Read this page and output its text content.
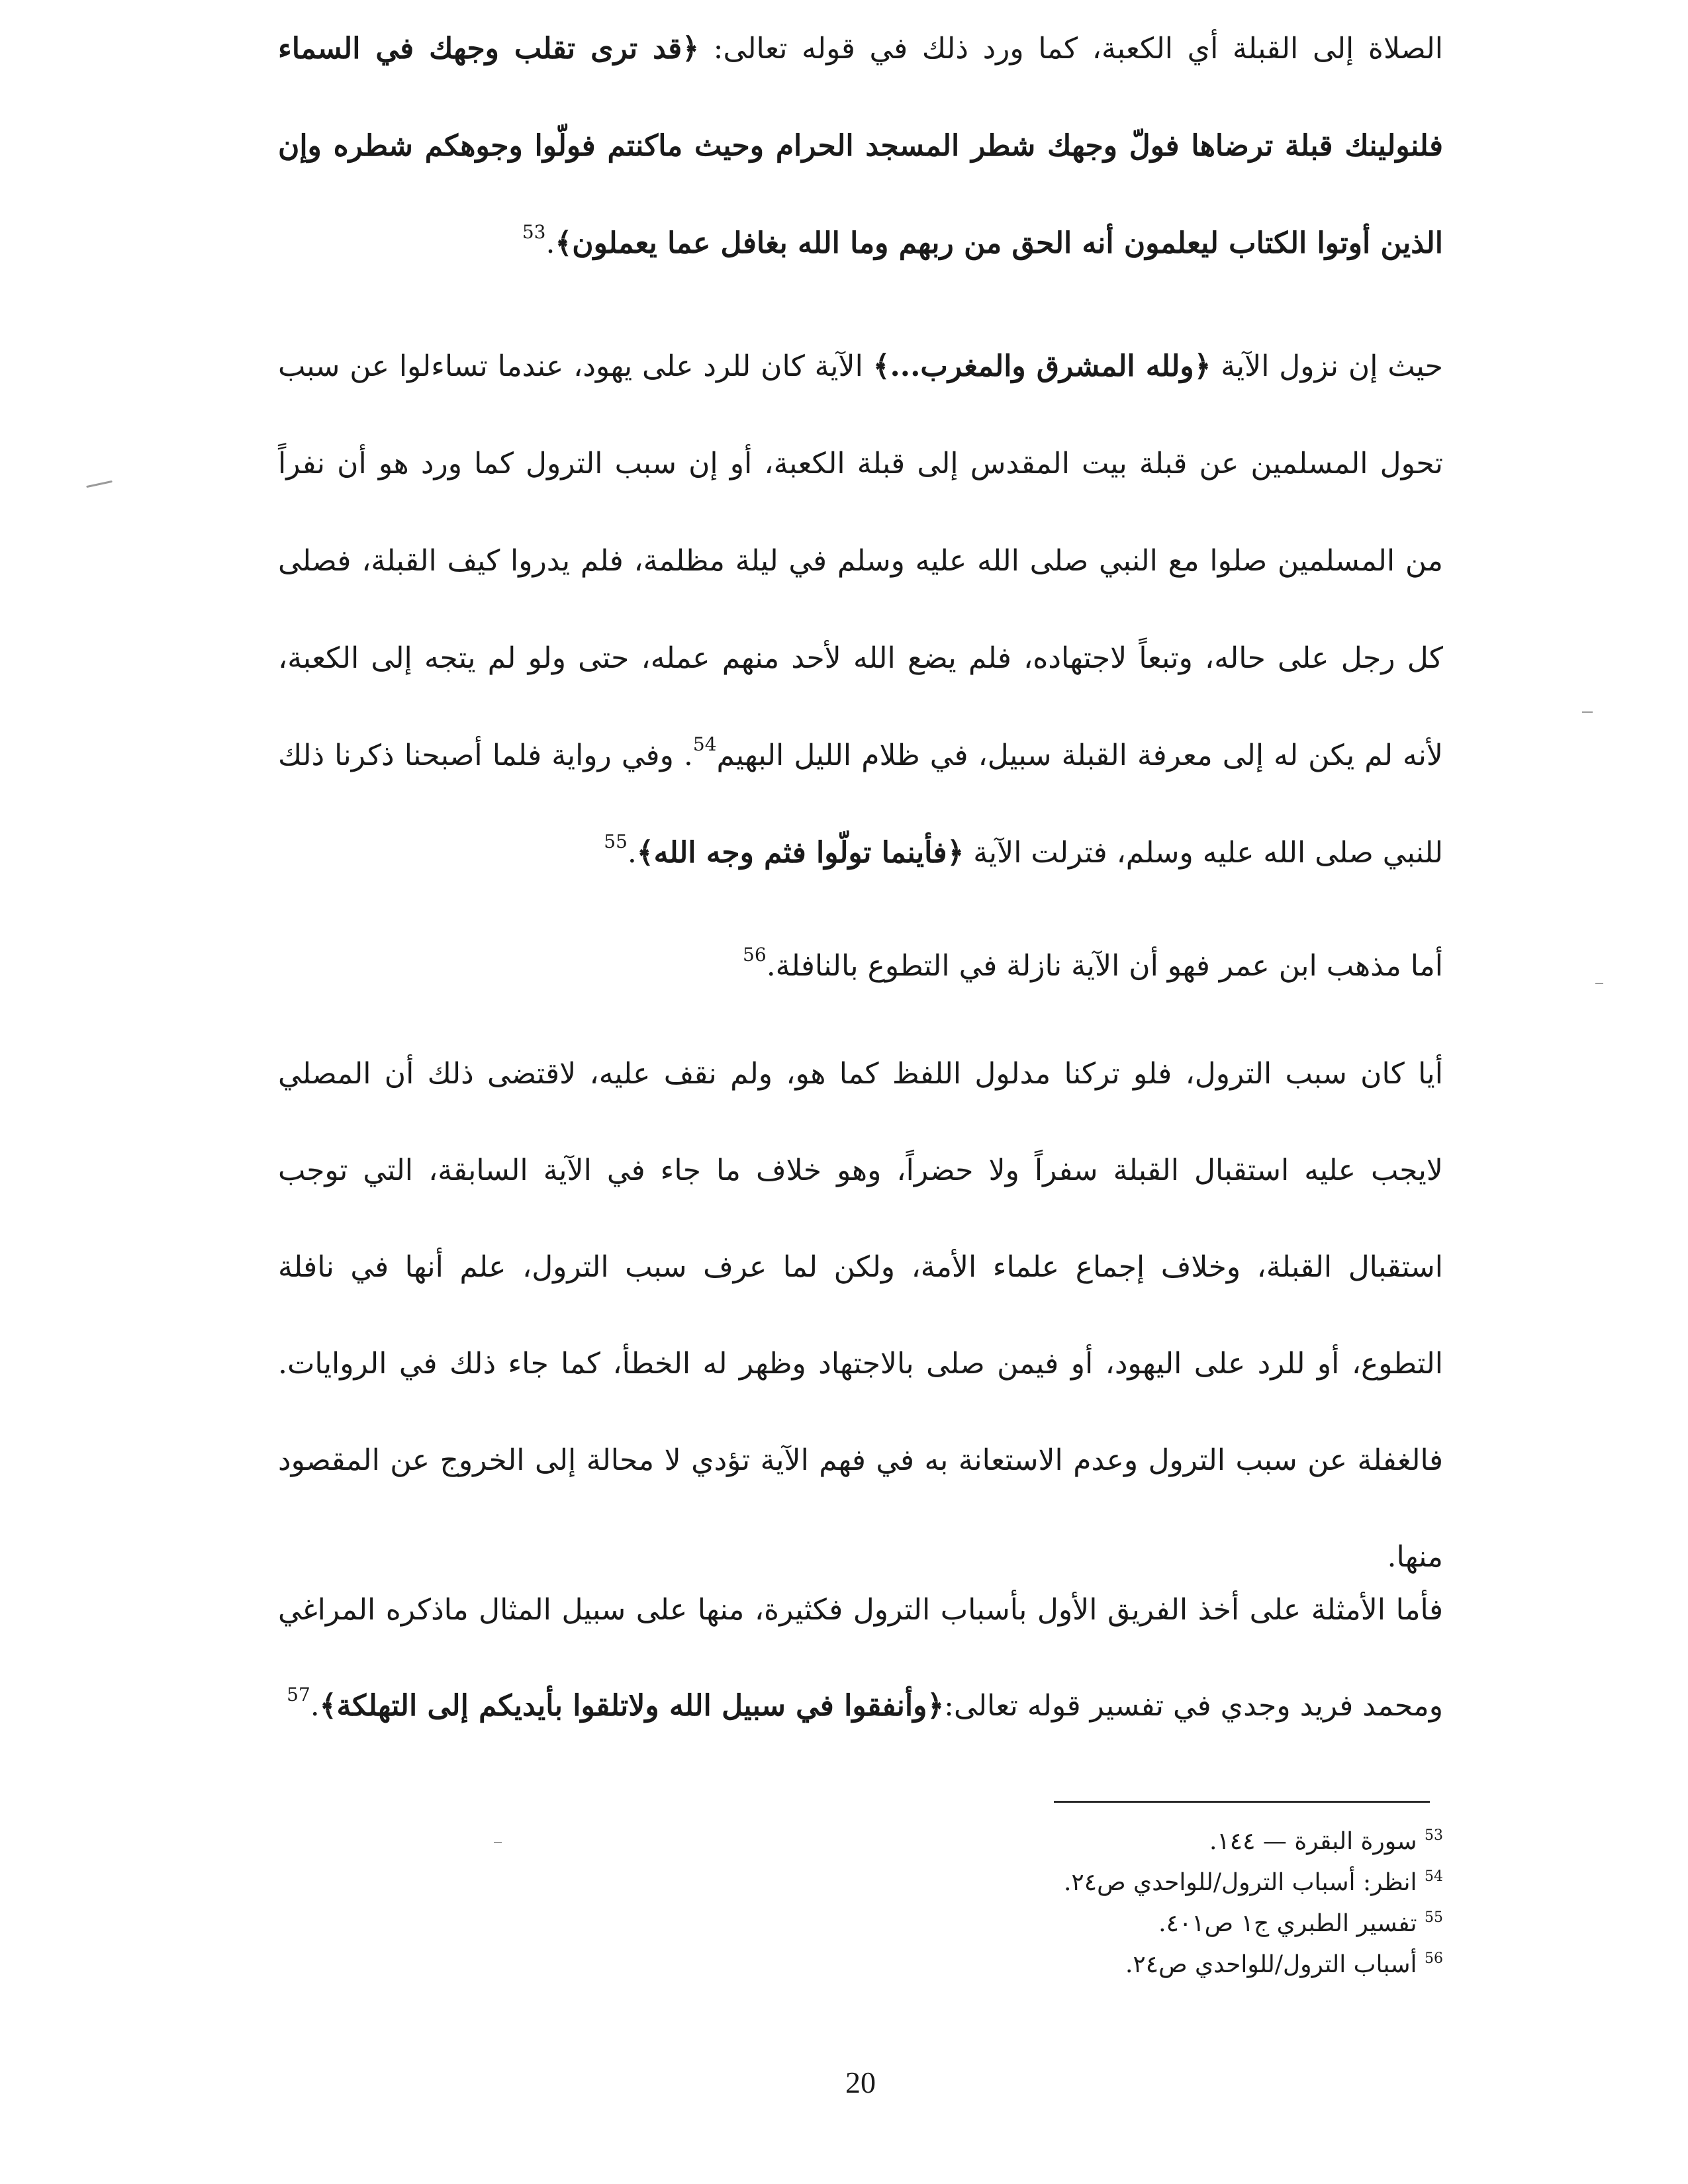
الصلاة إلى القبلة أي الكعبة، كما ورد ذلك في قوله تعالى: ﴿قد ترى تقلب وجهك في السماء فلنولينك قبلة ترضاها فولّ وجهك شطر المسجد الحرام وحيث ماكنتم فولّوا وجوهكم شطره وإن الذين أوتوا الكتاب ليعلمون أنه الحق من ربهم وما الله بغافل عما يعملون﴾.$^{53}$

حيث إن نزول الآية ﴿ولله المشرق والمغرب...﴾ الآية كان للرد على يهود، عندما تساءلوا عن سبب تحول المسلمين عن قبلة بيت المقدس إلى قبلة الكعبة، أو إن سبب الترول كما ورد هو أن نفراً من المسلمين صلوا مع النبي صلى الله عليه وسلم في ليلة مظلمة، فلم يدروا كيف القبلة، فصلى كل رجل على حاله، وتبعاً لاجتهاده، فلم يضع الله لأحد منهم عمله، حتى ولو لم يتجه إلى الكعبة، لأنه لم يكن له إلى معرفة القبلة سبيل، في ظلام الليل البهيم$^{54}$. وفي رواية فلما أصبحنا ذكرنا ذلك للنبي صلى الله عليه وسلم، فترلت الآية ﴿فأينما تولّوا فثم وجه الله﴾.$^{55}$

أما مذهب ابن عمر فهو أن الآية نازلة في التطوع بالنافلة.$^{56}$

أيا كان سبب الترول، فلو تركنا مدلول اللفظ كما هو، ولم نقف عليه، لاقتضى ذلك أن المصلي لايجب عليه استقبال القبلة سفراً ولا حضراً، وهو خلاف ما جاء في الآية السابقة، التي توجب استقبال القبلة، وخلاف إجماع علماء الأمة، ولكن لما عرف سبب الترول، علم أنها في نافلة التطوع، أو للرد على اليهود، أو فيمن صلى بالاجتهاد وظهر له الخطأ، كما جاء ذلك في الروايات. فالغفلة عن سبب الترول وعدم الاستعانة به في فهم الآية تؤدي لا محالة إلى الخروج عن المقصود منها.

فأما الأمثلة على أخذ الفريق الأول بأسباب الترول فكثيرة، منها على سبيل المثال ماذكره المراغي ومحمد فريد وجدي في تفسير قوله تعالى:﴿وأنفقوا في سبيل الله ولاتلقوا بأيديكم إلى التهلكة﴾.$^{57}$

$^{53}$ سورة البقرة — ١٤٤.

$^{54}$ انظر: أسباب الترول/للواحدي ص٢٤.

$^{55}$ تفسير الطبري ج١ ص٤٠١.

$^{56}$ أسباب الترول/للواحدي ص٢٤.

20
